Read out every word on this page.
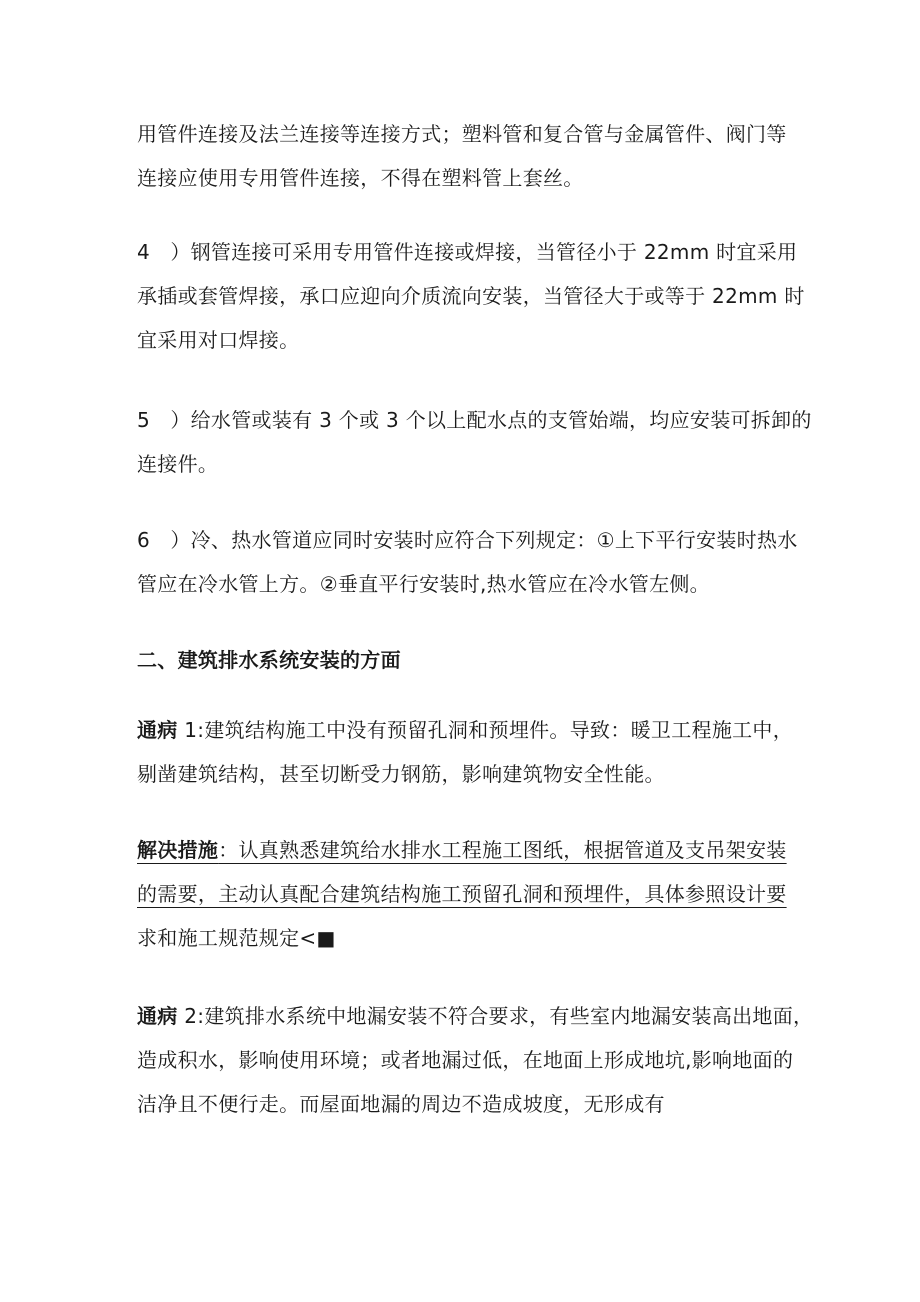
用管件连接及法兰连接等连接方式；塑料管和复合管与金属管件、阀门等
连接应使用专用管件连接，不得在塑料管上套丝。
4　）钢管连接可采用专用管件连接或焊接，当管径小于 22mm 时宜采用
承插或套管焊接，承口应迎向介质流向安装，当管径大于或等于 22mm 时
宜采用对口焊接。
5　）给水管或装有 3 个或 3 个以上配水点的支管始端，均应安装可拆卸的
连接件。
6　）冷、热水管道应同时安装时应符合下列规定：①上下平行安装时热水
管应在冷水管上方。②垂直平行安装时,热水管应在冷水管左侧。
二、建筑排水系统安装的方面
通病 1:建筑结构施工中没有预留孔洞和预埋件。导致：暖卫工程施工中，
剔凿建筑结构，甚至切断受力钢筋，影响建筑物安全性能。
解决措施：认真熟悉建筑给水排水工程施工图纸，根据管道及支吊架安装
的需要，主动认真配合建筑结构施工预留孔洞和预埋件，具体参照设计要
求和施工规范规定<■
通病 2:建筑排水系统中地漏安装不符合要求，有些室内地漏安装高出地面，
造成积水，影响使用环境；或者地漏过低，在地面上形成地坑,影响地面的
洁净且不便行走。而屋面地漏的周边不造成坡度，无形成有
